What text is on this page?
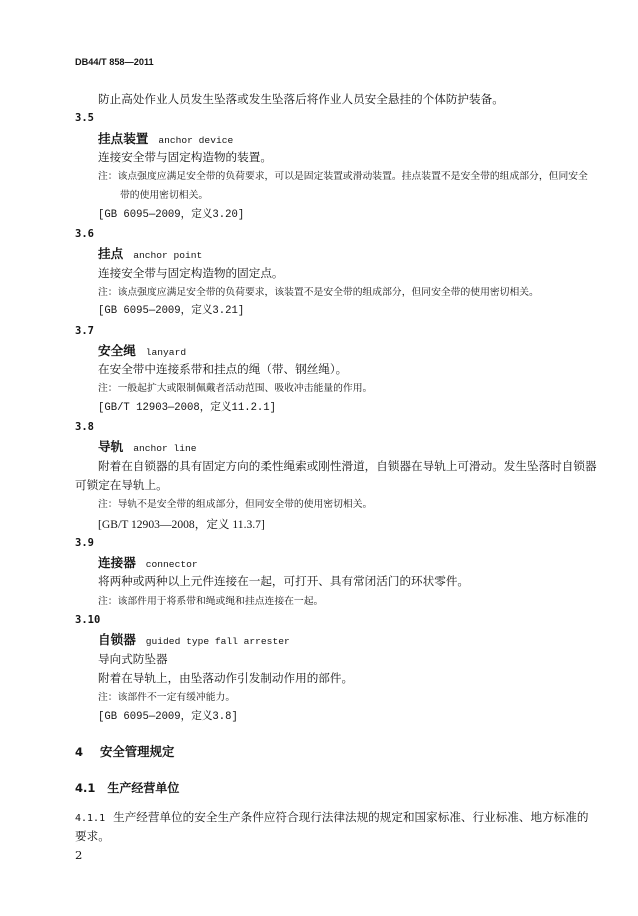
DB44/T 858—2011
防止高处作业人员发生坠落或发生坠落后将作业人员安全悬挂的个体防护装备。
3.5
挂点装置 anchor device
连接安全带与固定构造物的装置。
注：该点强度应满足安全带的负荷要求，可以是固定装置或滑动装置。挂点装置不是安全带的组成部分，但同安全
带的使用密切相关。
[GB 6095—2009，定义3.20]
3.6
挂点 anchor point
连接安全带与固定构造物的固定点。
注：该点强度应满足安全带的负荷要求，该装置不是安全带的组成部分，但同安全带的使用密切相关。
[GB 6095—2009，定义3.21]
3.7
安全绳 lanyard
在安全带中连接系带和挂点的绳（带、钢丝绳）。
注：一般起扩大或限制佩戴者活动范围、吸收冲击能量的作用。
[GB/T 12903—2008，定义11.2.1]
3.8
导轨 anchor line
附着在自锁器的具有固定方向的柔性绳索或刚性滑道，自锁器在导轨上可滑动。发生坠落时自锁器
可锁定在导轨上。
注：导轨不是安全带的组成部分，但同安全带的使用密切相关。
[GB/T 12903—2008，定义 11.3.7]
3.9
连接器 connector
将两种或两种以上元件连接在一起，可打开、具有常闭活门的环状零件。
注：该部件用于将系带和绳或绳和挂点连接在一起。
3.10
自锁器 guided type fall arrester
导向式防坠器
附着在导轨上，由坠落动作引发制动作用的部件。
注：该部件不一定有缓冲能力。
[GB 6095—2009，定义3.8]
4 安全管理规定
4.1 生产经营单位
4.1.1 生产经营单位的安全生产条件应符合现行法律法规的规定和国家标准、行业标准、地方标准的
要求。
2
